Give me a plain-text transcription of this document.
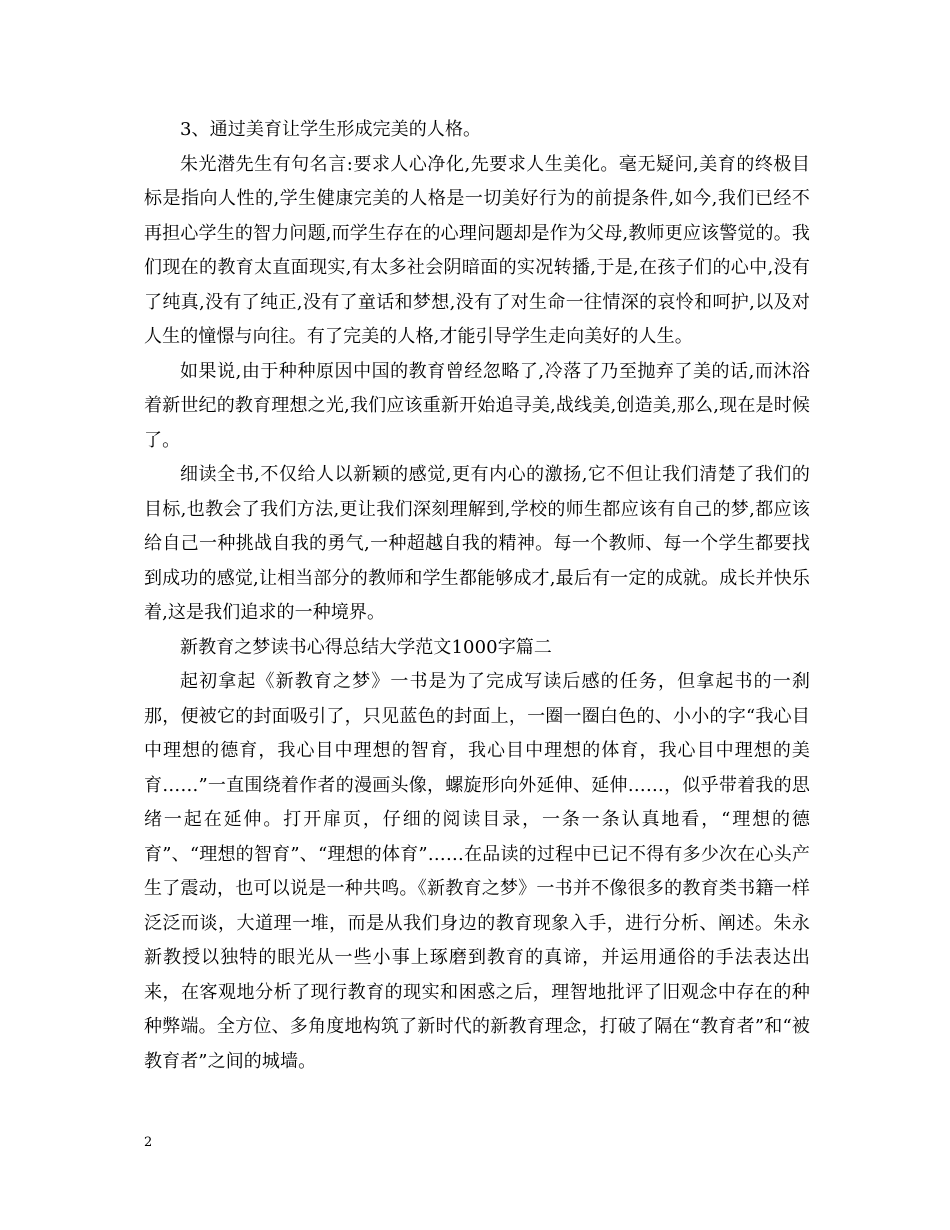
3、通过美育让学生形成完美的人格。

朱光潜先生有句名言:要求人心净化,先要求人生美化。毫无疑问,美育的终极目标是指向人性的,学生健康完美的人格是一切美好行为的前提条件,如今,我们已经不再担心学生的智力问题,而学生存在的心理问题却是作为父母,教师更应该警觉的。我们现在的教育太直面现实,有太多社会阴暗面的实况转播,于是,在孩子们的心中,没有了纯真,没有了纯正,没有了童话和梦想,没有了对生命一往情深的哀怜和呵护,以及对人生的憧憬与向往。有了完美的人格,才能引导学生走向美好的人生。

如果说,由于种种原因中国的教育曾经忽略了,冷落了乃至抛弃了美的话,而沐浴着新世纪的教育理想之光,我们应该重新开始追寻美,战线美,创造美,那么,现在是时候了。

细读全书,不仅给人以新颖的感觉,更有内心的激扬,它不但让我们清楚了我们的目标,也教会了我们方法,更让我们深刻理解到,学校的师生都应该有自己的梦,都应该给自己一种挑战自我的勇气,一种超越自我的精神。每一个教师、每一个学生都要找到成功的感觉,让相当部分的教师和学生都能够成才,最后有一定的成就。成长并快乐着,这是我们追求的一种境界。

新教育之梦读书心得总结大学范文1000字篇二

起初拿起《新教育之梦》一书是为了完成写读后感的任务，但拿起书的一刹那，便被它的封面吸引了，只见蓝色的封面上，一圈一圈白色的、小小的字“我心目中理想的德育，我心目中理想的智育，我心目中理想的体育，我心目中理想的美育……”一直围绕着作者的漫画头像，螺旋形向外延伸、延伸……，似乎带着我的思绪一起在延伸。打开扉页，仔细的阅读目录，一条一条认真地看，“理想的德育”、“理想的智育”、“理想的体育”……在品读的过程中已记不得有多少次在心头产生了震动，也可以说是一种共鸣。《新教育之梦》一书并不像很多的教育类书籍一样泛泛而谈，大道理一堆，而是从我们身边的教育现象入手，进行分析、阐述。朱永新教授以独特的眼光从一些小事上琢磨到教育的真谛，并运用通俗的手法表达出来，在客观地分析了现行教育的现实和困惑之后，理智地批评了旧观念中存在的种种弊端。全方位、多角度地构筑了新时代的新教育理念，打破了隔在“教育者”和“被教育者”之间的城墙。

2
